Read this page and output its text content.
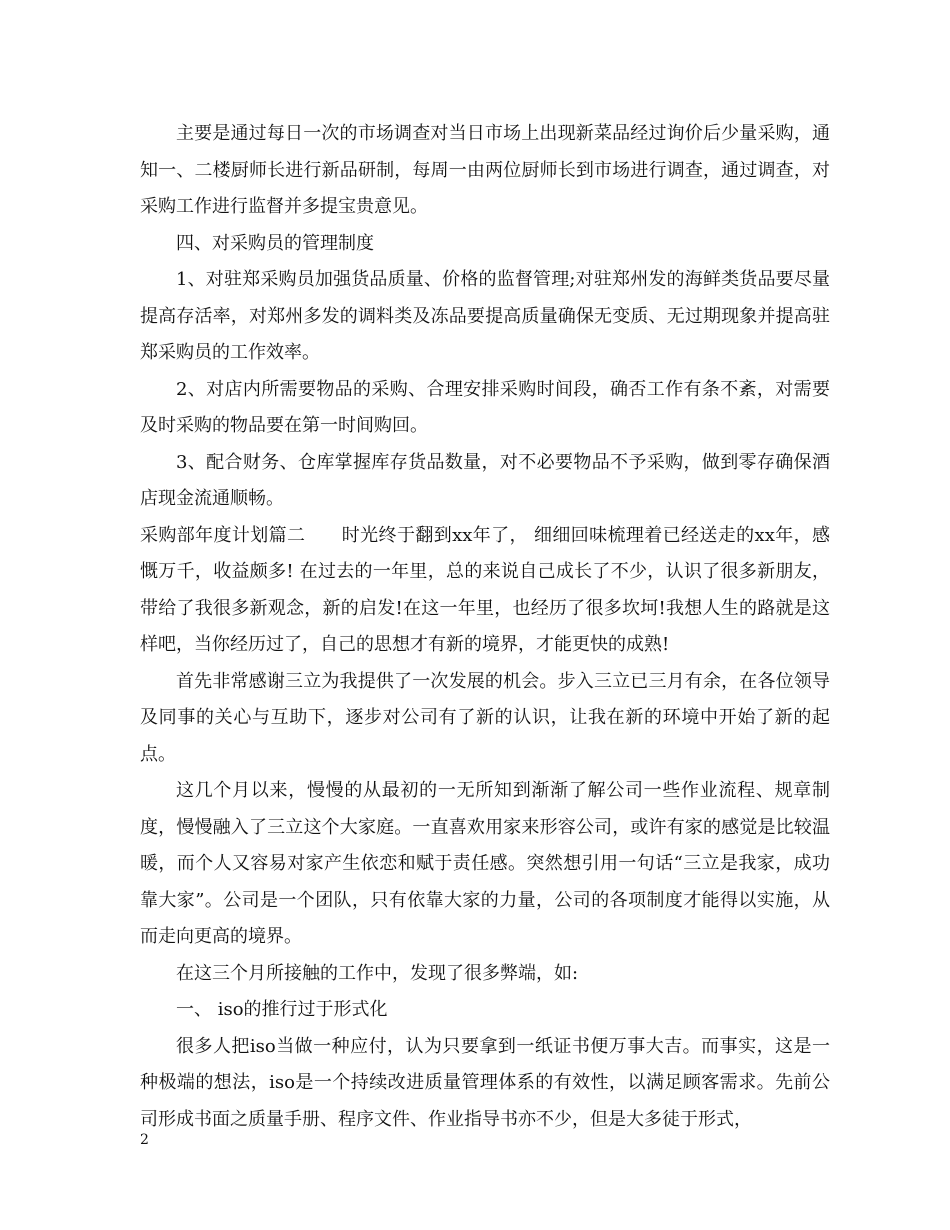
主要是通过每日一次的市场调查对当日市场上出现新菜品经过询价后少量采购，通知一、二楼厨师长进行新品研制，每周一由两位厨师长到市场进行调查，通过调查，对采购工作进行监督并多提宝贵意见。

四、对采购员的管理制度

1、对驻郑采购员加强货品质量、价格的监督管理;对驻郑州发的海鲜类货品要尽量提高存活率，对郑州多发的调料类及冻品要提高质量确保无变质、无过期现象并提高驻郑采购员的工作效率。

2、对店内所需要物品的采购、合理安排采购时间段，确否工作有条不紊，对需要及时采购的物品要在第一时间购回。

3、配合财务、仓库掌握库存货品数量，对不必要物品不予采购，做到零存确保酒店现金流通顺畅。

采购部年度计划篇二 时光终于翻到xx年了， 细细回味梳理着已经送走的xx年，感慨万千，收益颇多! 在过去的一年里，总的来说自己成长了不少，认识了很多新朋友，带给了我很多新观念，新的启发!在这一年里，也经历了很多坎坷!我想人生的路就是这样吧，当你经历过了，自己的思想才有新的境界，才能更快的成熟!

首先非常感谢三立为我提供了一次发展的机会。步入三立已三月有余，在各位领导及同事的关心与互助下，逐步对公司有了新的认识，让我在新的环境中开始了新的起点。

这几个月以来，慢慢的从最初的一无所知到渐渐了解公司一些作业流程、规章制度，慢慢融入了三立这个大家庭。一直喜欢用家来形容公司，或许有家的感觉是比较温暖，而个人又容易对家产生依恋和赋于责任感。突然想引用一句话“三立是我家，成功靠大家”。公司是一个团队，只有依靠大家的力量，公司的各项制度才能得以实施，从而走向更高的境界。

在这三个月所接触的工作中，发现了很多弊端，如:

一、 iso的推行过于形式化

很多人把iso当做一种应付，认为只要拿到一纸证书便万事大吉。而事实，这是一种极端的想法，iso是一个持续改进质量管理体系的有效性，以满足顾客需求。先前公司形成书面之质量手册、程序文件、作业指导书亦不少，但是大多徒于形式，

2
